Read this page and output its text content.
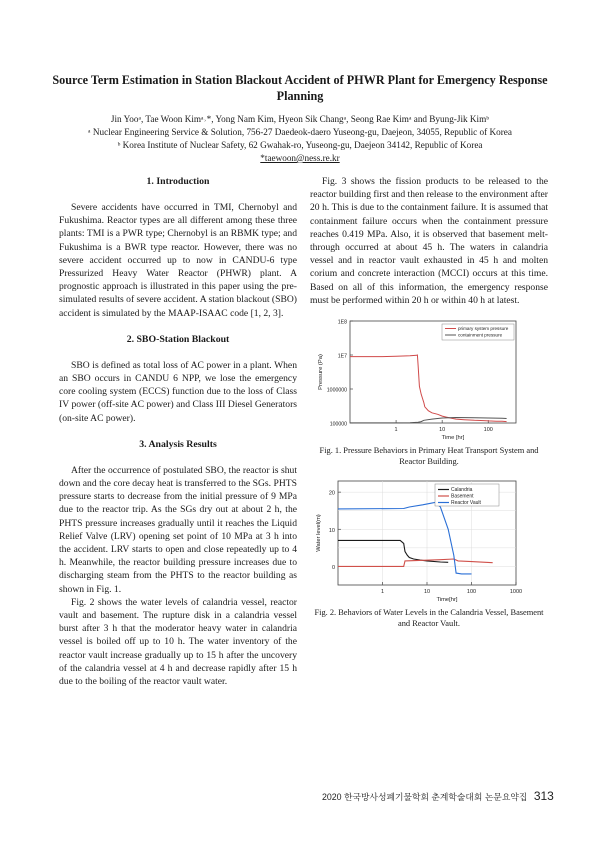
Source Term Estimation in Station Blackout Accident of PHWR Plant for Emergency Response Planning
Jin Yooᵃ, Tae Woon Kimᵃ˒*, Yong Nam Kim, Hyeon Sik Changᵃ, Seong Rae Kimᵃ and Byung-Jik Kimᵇ
ᵃ Nuclear Engineering Service & Solution, 756-27 Daedeok-daero Yuseong-gu, Daejeon, 34055, Republic of Korea
ᵇ Korea Institute of Nuclear Safety, 62 Gwahak-ro, Yuseong-gu, Daejeon 34142, Republic of Korea
*taewoon@ness.re.kr
1. Introduction

Severe accidents have occurred in TMI, Chernobyl and Fukushima. Reactor types are all different among these three plants: TMI is a PWR type; Chernobyl is an RBMK type; and Fukushima is a BWR type reactor. However, there was no severe accident occurred up to now in CANDU-6 type Pressurized Heavy Water Reactor (PHWR) plant. A prognostic approach is illustrated in this paper using the pre-simulated results of severe accident. A station blackout (SBO) accident is simulated by the MAAP-ISAAC code [1, 2, 3].

2. SBO-Station Blackout

SBO is defined as total loss of AC power in a plant. When an SBO occurs in CANDU 6 NPP, we lose the emergency core cooling system (ECCS) function due to the loss of Class IV power (off-site AC power) and Class III Diesel Generators (on-site AC power).

3. Analysis Results

After the occurrence of postulated SBO, the reactor is shut down and the core decay heat is transferred to the SGs. PHTS pressure starts to decrease from the initial pressure of 9 MPa due to the reactor trip. As the SGs dry out at about 2 h, the PHTS pressure increases gradually until it reaches the Liquid Relief Valve (LRV) opening set point of 10 MPa at 3 h into the accident. LRV starts to open and close repeatedly up to 4 h. Meanwhile, the reactor building pressure increases due to discharging steam from the PHTS to the reactor building as shown in Fig. 1.

Fig. 2 shows the water levels of calandria vessel, reactor vault and basement. The rupture disk in a calandria vessel burst after 3 h that the moderator heavy water in calandria vessel is boiled off up to 10 h. The water inventory of the reactor vault increase gradually up to 15 h after the uncovery of the calandria vessel at 4 h and decrease rapidly after 15 h due to the boiling of the reactor vault water.

Fig. 3 shows the fission products to be released to the reactor building first and then release to the environment after 20 h. This is due to the containment failure. It is assumed that containment failure occurs when the containment pressure reaches 0.419 MPa. Also, it is observed that basement melt-through occurred at about 45 h. The waters in calandria vessel and in reactor vault exhausted in 45 h and molten corium and concrete interaction (MCCI) occurs at this time. Based on all of this information, the emergency response must be performed within 20 h or within 40 h at latest.

1E8
1E7
1000000
100000
1	10	100
Time [hr]
Pressure (Pa)
primary system pressure
containment pressure
Fig. 1. Pressure Behaviors in Primary Heat Transport System and Reactor Building.
0
10
20
1	10	100	1000
Time[hr]
Water level(m)
Calandria
Basement
Reactor Vault
Fig. 2. Behaviors of Water Levels in the Calandria Vessel, Basement and Reactor Vault.
2020 한국방사성폐기물학회 춘계학술대회 논문요약집 313
